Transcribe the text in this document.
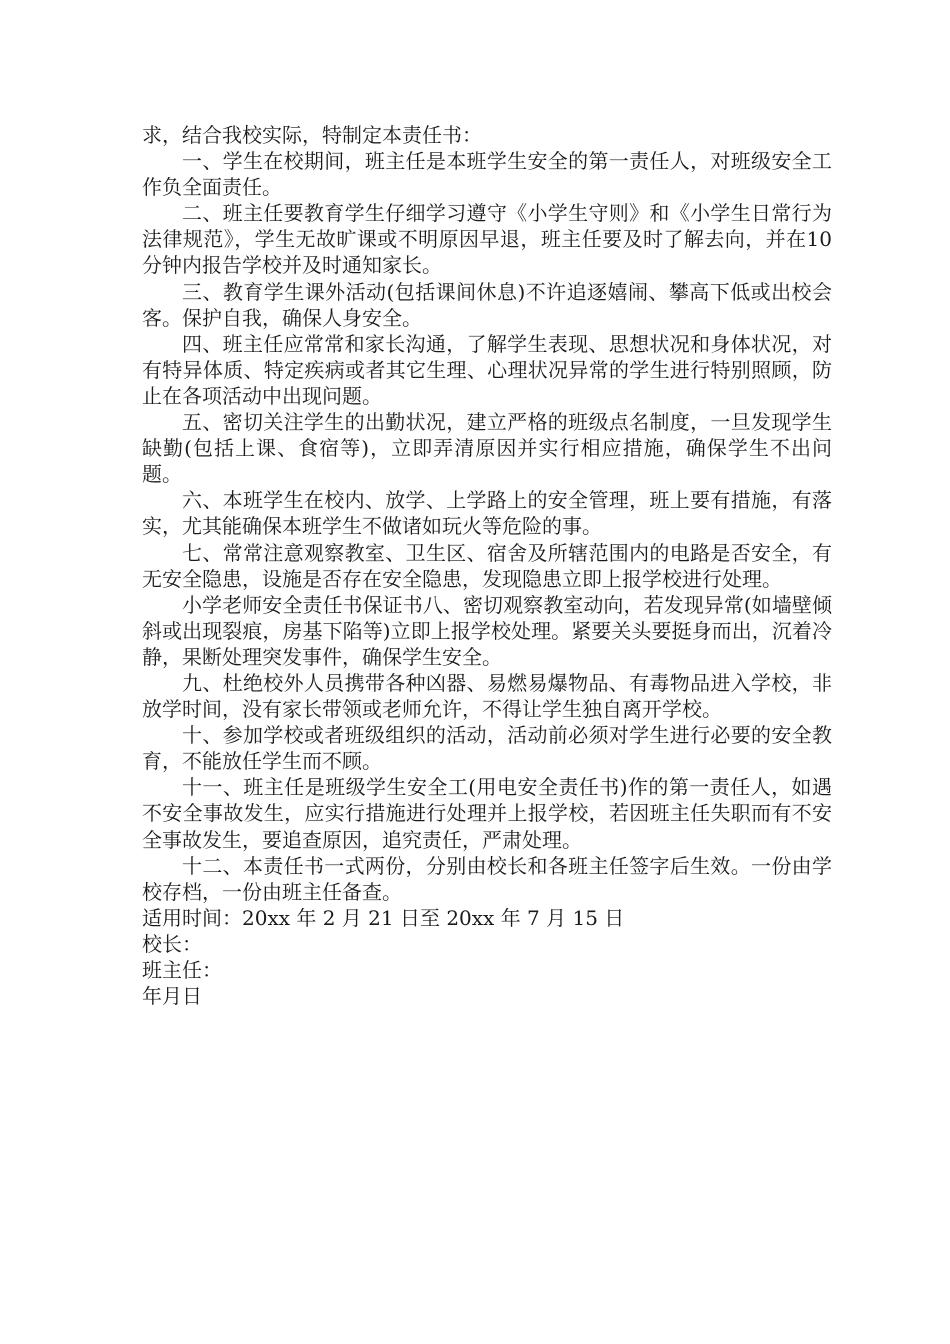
求，结合我校实际，特制定本责任书：

一、学生在校期间，班主任是本班学生安全的第一责任人，对班级安全工作负全面责任。

二、班主任要教育学生仔细学习遵守《小学生守则》和《小学生日常行为法律规范》，学生无故旷课或不明原因早退，班主任要及时了解去向，并在10分钟内报告学校并及时通知家长。

三、教育学生课外活动(包括课间休息)不许追逐嬉闹、攀高下低或出校会客。保护自我，确保人身安全。

四、班主任应常常和家长沟通，了解学生表现、思想状况和身体状况，对有特异体质、特定疾病或者其它生理、心理状况异常的学生进行特别照顾，防止在各项活动中出现问题。

五、密切关注学生的出勤状况，建立严格的班级点名制度，一旦发现学生缺勤(包括上课、食宿等)，立即弄清原因并实行相应措施，确保学生不出问题。

六、本班学生在校内、放学、上学路上的安全管理，班上要有措施，有落实，尤其能确保本班学生不做诸如玩火等危险的事。

七、常常注意观察教室、卫生区、宿舍及所辖范围内的电路是否安全，有无安全隐患，设施是否存在安全隐患，发现隐患立即上报学校进行处理。

小学老师安全责任书保证书八、密切观察教室动向，若发现异常(如墙壁倾斜或出现裂痕，房基下陷等)立即上报学校处理。紧要关头要挺身而出，沉着冷静，果断处理突发事件，确保学生安全。

九、杜绝校外人员携带各种凶器、易燃易爆物品、有毒物品进入学校，非放学时间，没有家长带领或老师允许，不得让学生独自离开学校。

十、参加学校或者班级组织的活动，活动前必须对学生进行必要的安全教育，不能放任学生而不顾。

十一、班主任是班级学生安全工(用电安全责任书)作的第一责任人，如遇不安全事故发生，应实行措施进行处理并上报学校，若因班主任失职而有不安全事故发生，要追查原因，追究责任，严肃处理。

十二、本责任书一式两份，分别由校长和各班主任签字后生效。一份由学校存档，一份由班主任备查。

适用时间：20xx 年 2 月 21 日至 20xx 年 7 月 15 日

校长：

班主任：

年月日
